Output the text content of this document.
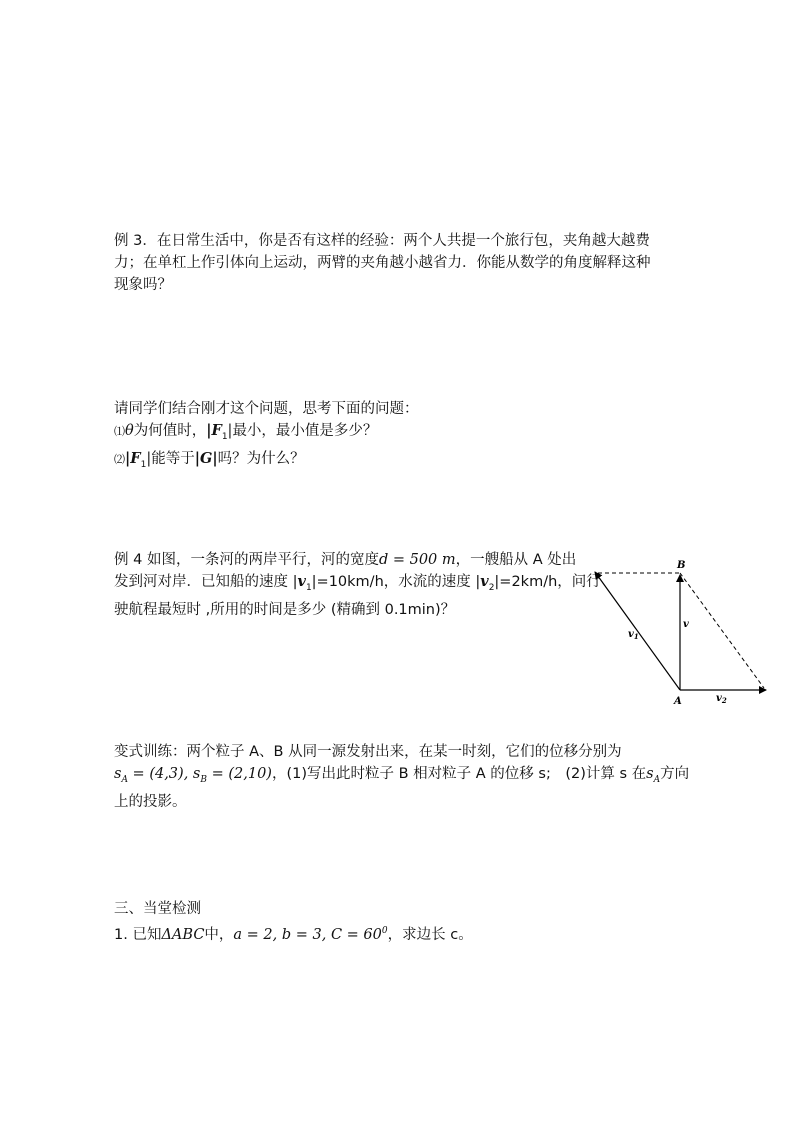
例 3．在日常生活中，你是否有这样的经验：两个人共提一个旅行包，夹角越大越费

力；在单杠上作引体向上运动，两臂的夹角越小越省力．你能从数学的角度解释这种

现象吗？

请同学们结合刚才这个问题，思考下面的问题：

⑴θ为何值时，$|F_1|$最小，最小值是多少？

$⑵|F_1|$能等于|G|吗？为什么？

例 4 如图，一条河的两岸平行，河的宽度d = 500 m，一艘船从 A 处出

发到河对岸．已知船的速度 $|v_1|=10km/h$，水流的速度 $|v_2|=2km/h$，问行

驶航程最短时 ,所用的时间是多少 (精确到 0.1min)？

B
A
v
$v_1$
$v_2$

变式训练：两个粒子 A、B 从同一源发射出来，在某一时刻，它们的位移分别为

$s_A = (4,3)$, $s_B = (2,10)$，(1)写出此时粒子 B 相对粒子 A 的位移 s;　(2)计算 s 在$s_A$方向

上的投影。

三、当堂检测

1. 已知ΔABC中，a = 2, b = 3, $C = 60^0$，求边长 c。
